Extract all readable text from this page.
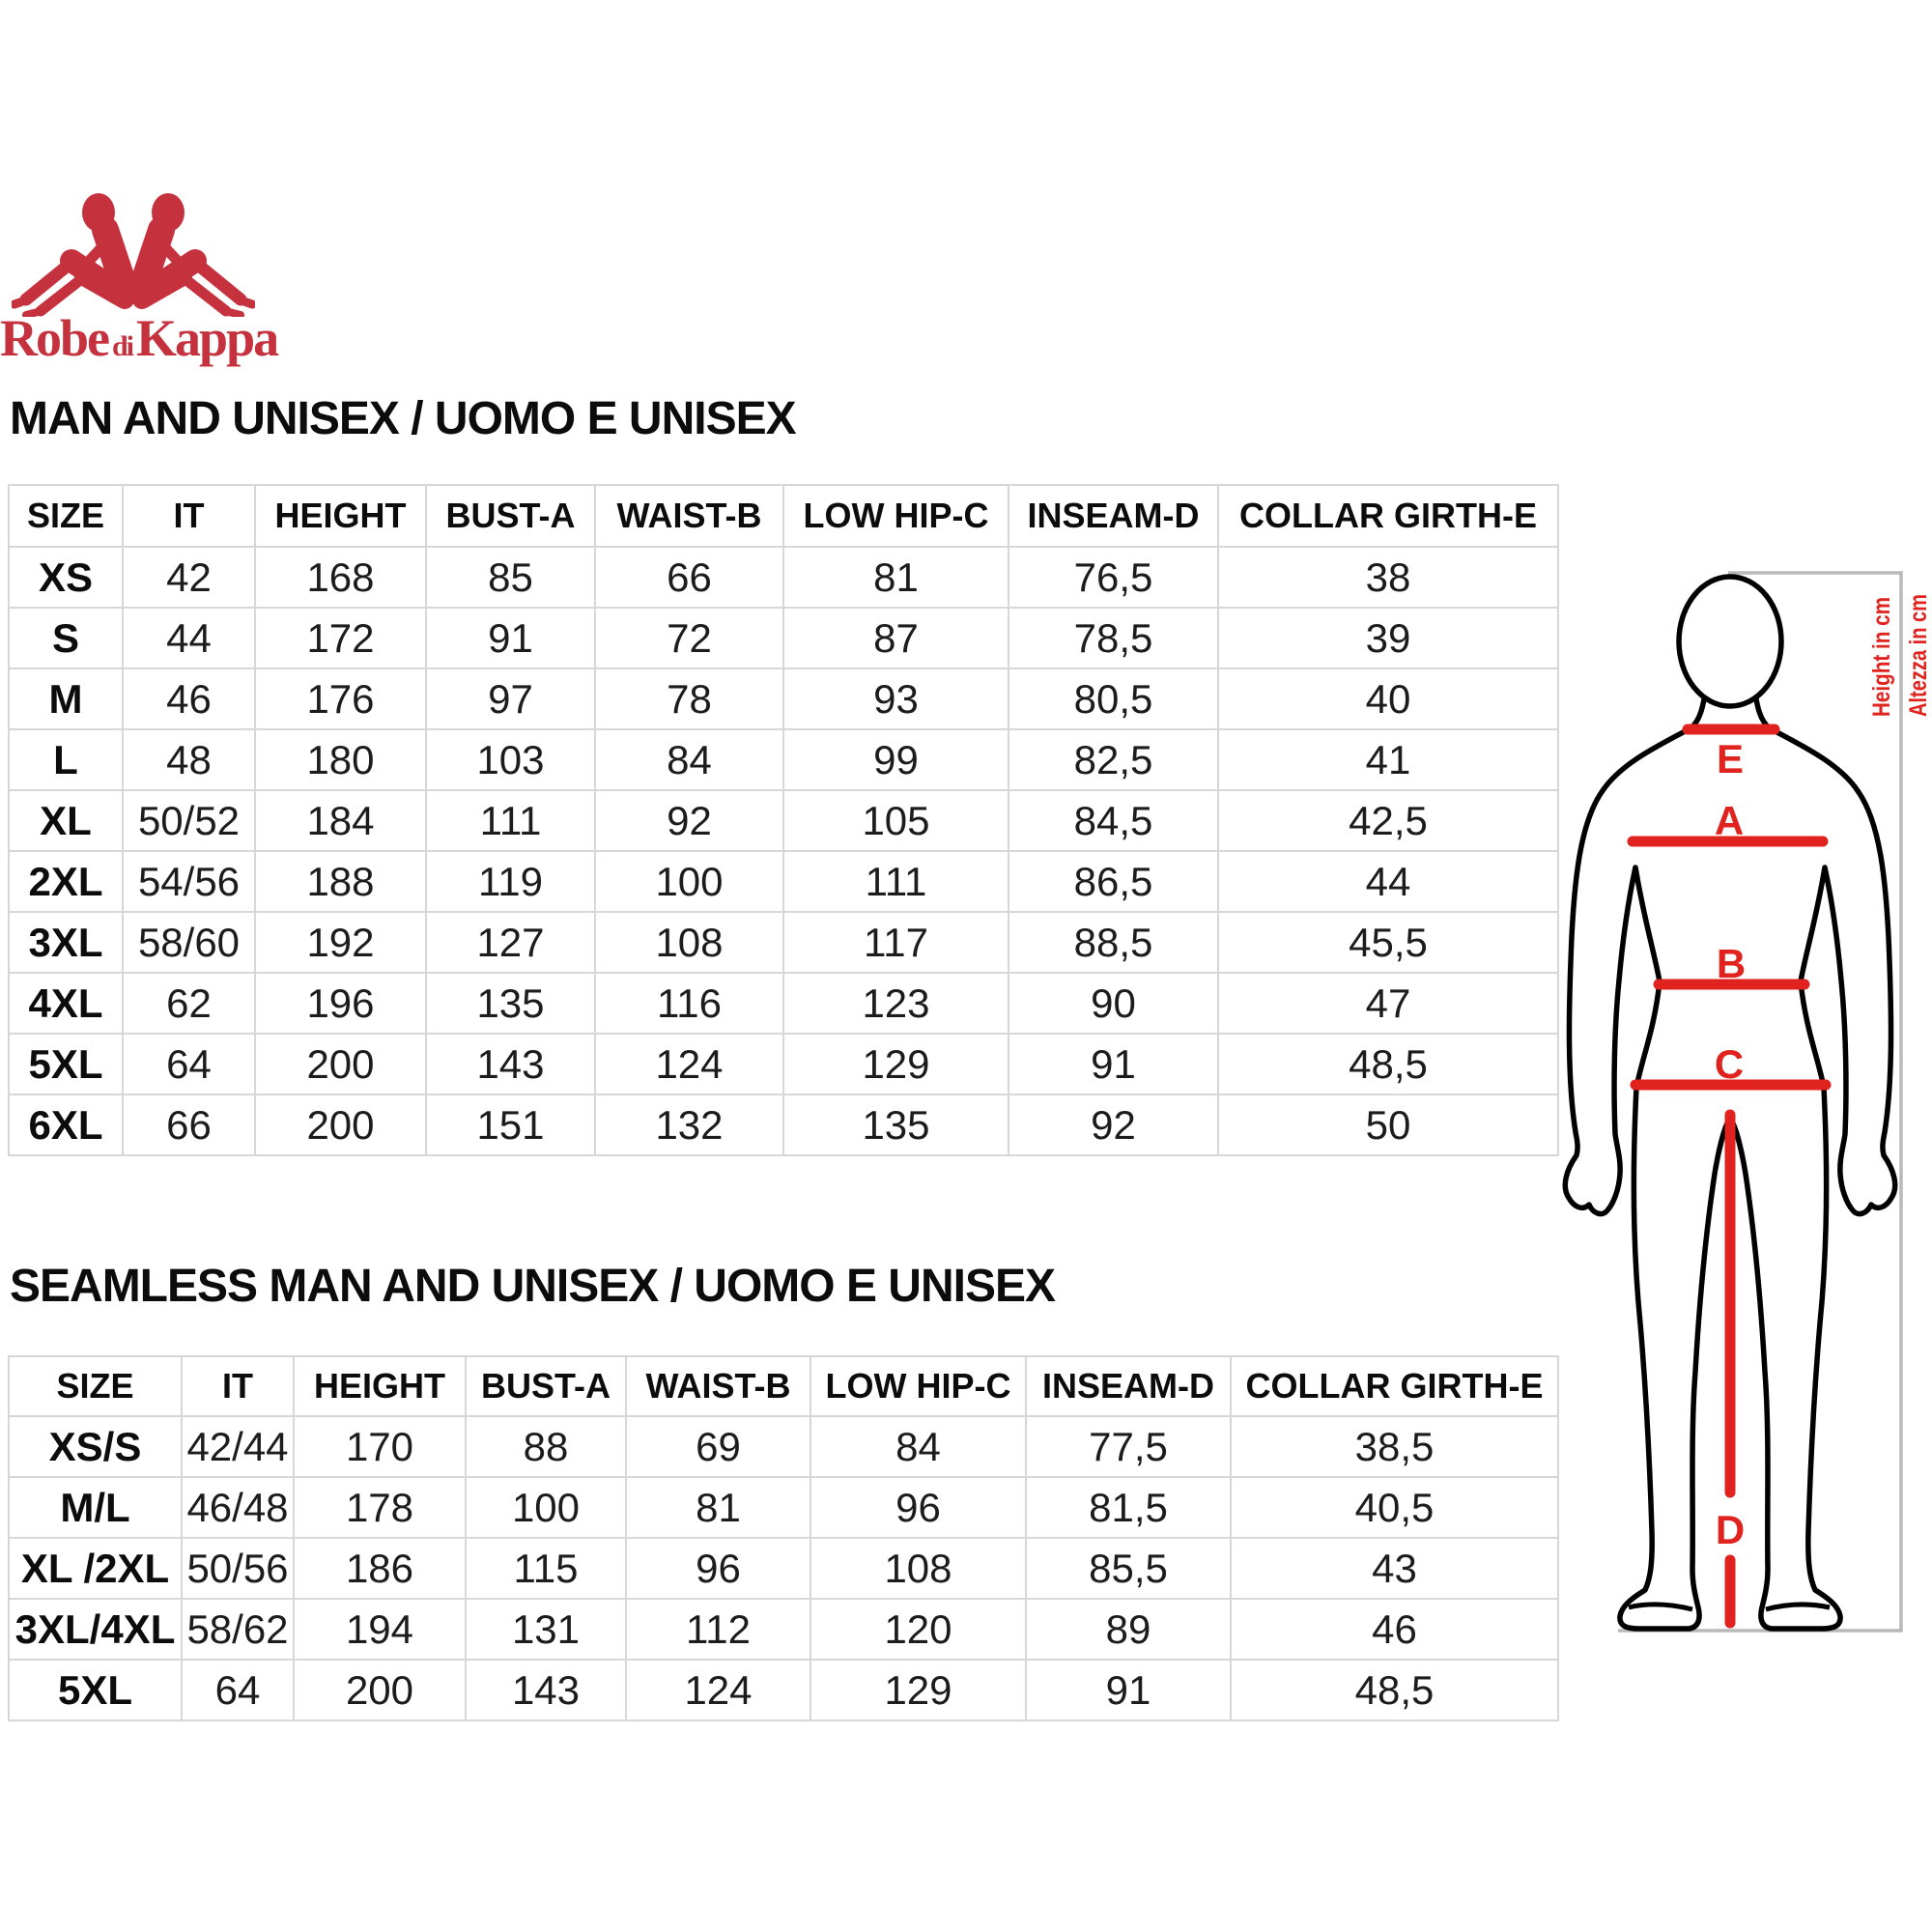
Robe diKappa
MAN AND UNISEX / UOMO E UNISEX
SIZE	IT	HEIGHT	BUST-A	WAIST-B	LOW HIP-C	INSEAM-D	COLLAR GIRTH-E
XS	42	168	85	66	81	76,5	38
S	44	172	91	72	87	78,5	39
M	46	176	97	78	93	80,5	40
L	48	180	103	84	99	82,5	41
XL	50/52	184	111	92	105	84,5	42,5
2XL	54/56	188	119	100	111	86,5	44
3XL	58/60	192	127	108	117	88,5	45,5
4XL	62	196	135	116	123	90	47
5XL	64	200	143	124	129	91	48,5
6XL	66	200	151	132	135	92	50
SEAMLESS MAN AND UNISEX / UOMO E UNISEX
SIZE	IT	HEIGHT	BUST-A	WAIST-B	LOW HIP-C	INSEAM-D	COLLAR GIRTH-E
XS/S	42/44	170	88	69	84	77,5	38,5
M/L	46/48	178	100	81	96	81,5	40,5
XL /2XL	50/56	186	115	96	108	85,5	43
3XL/4XL	58/62	194	131	112	120	89	46
5XL	64	200	143	124	129	91	48,5
E
A
B
C
D
Height in cm Altezza in cm
